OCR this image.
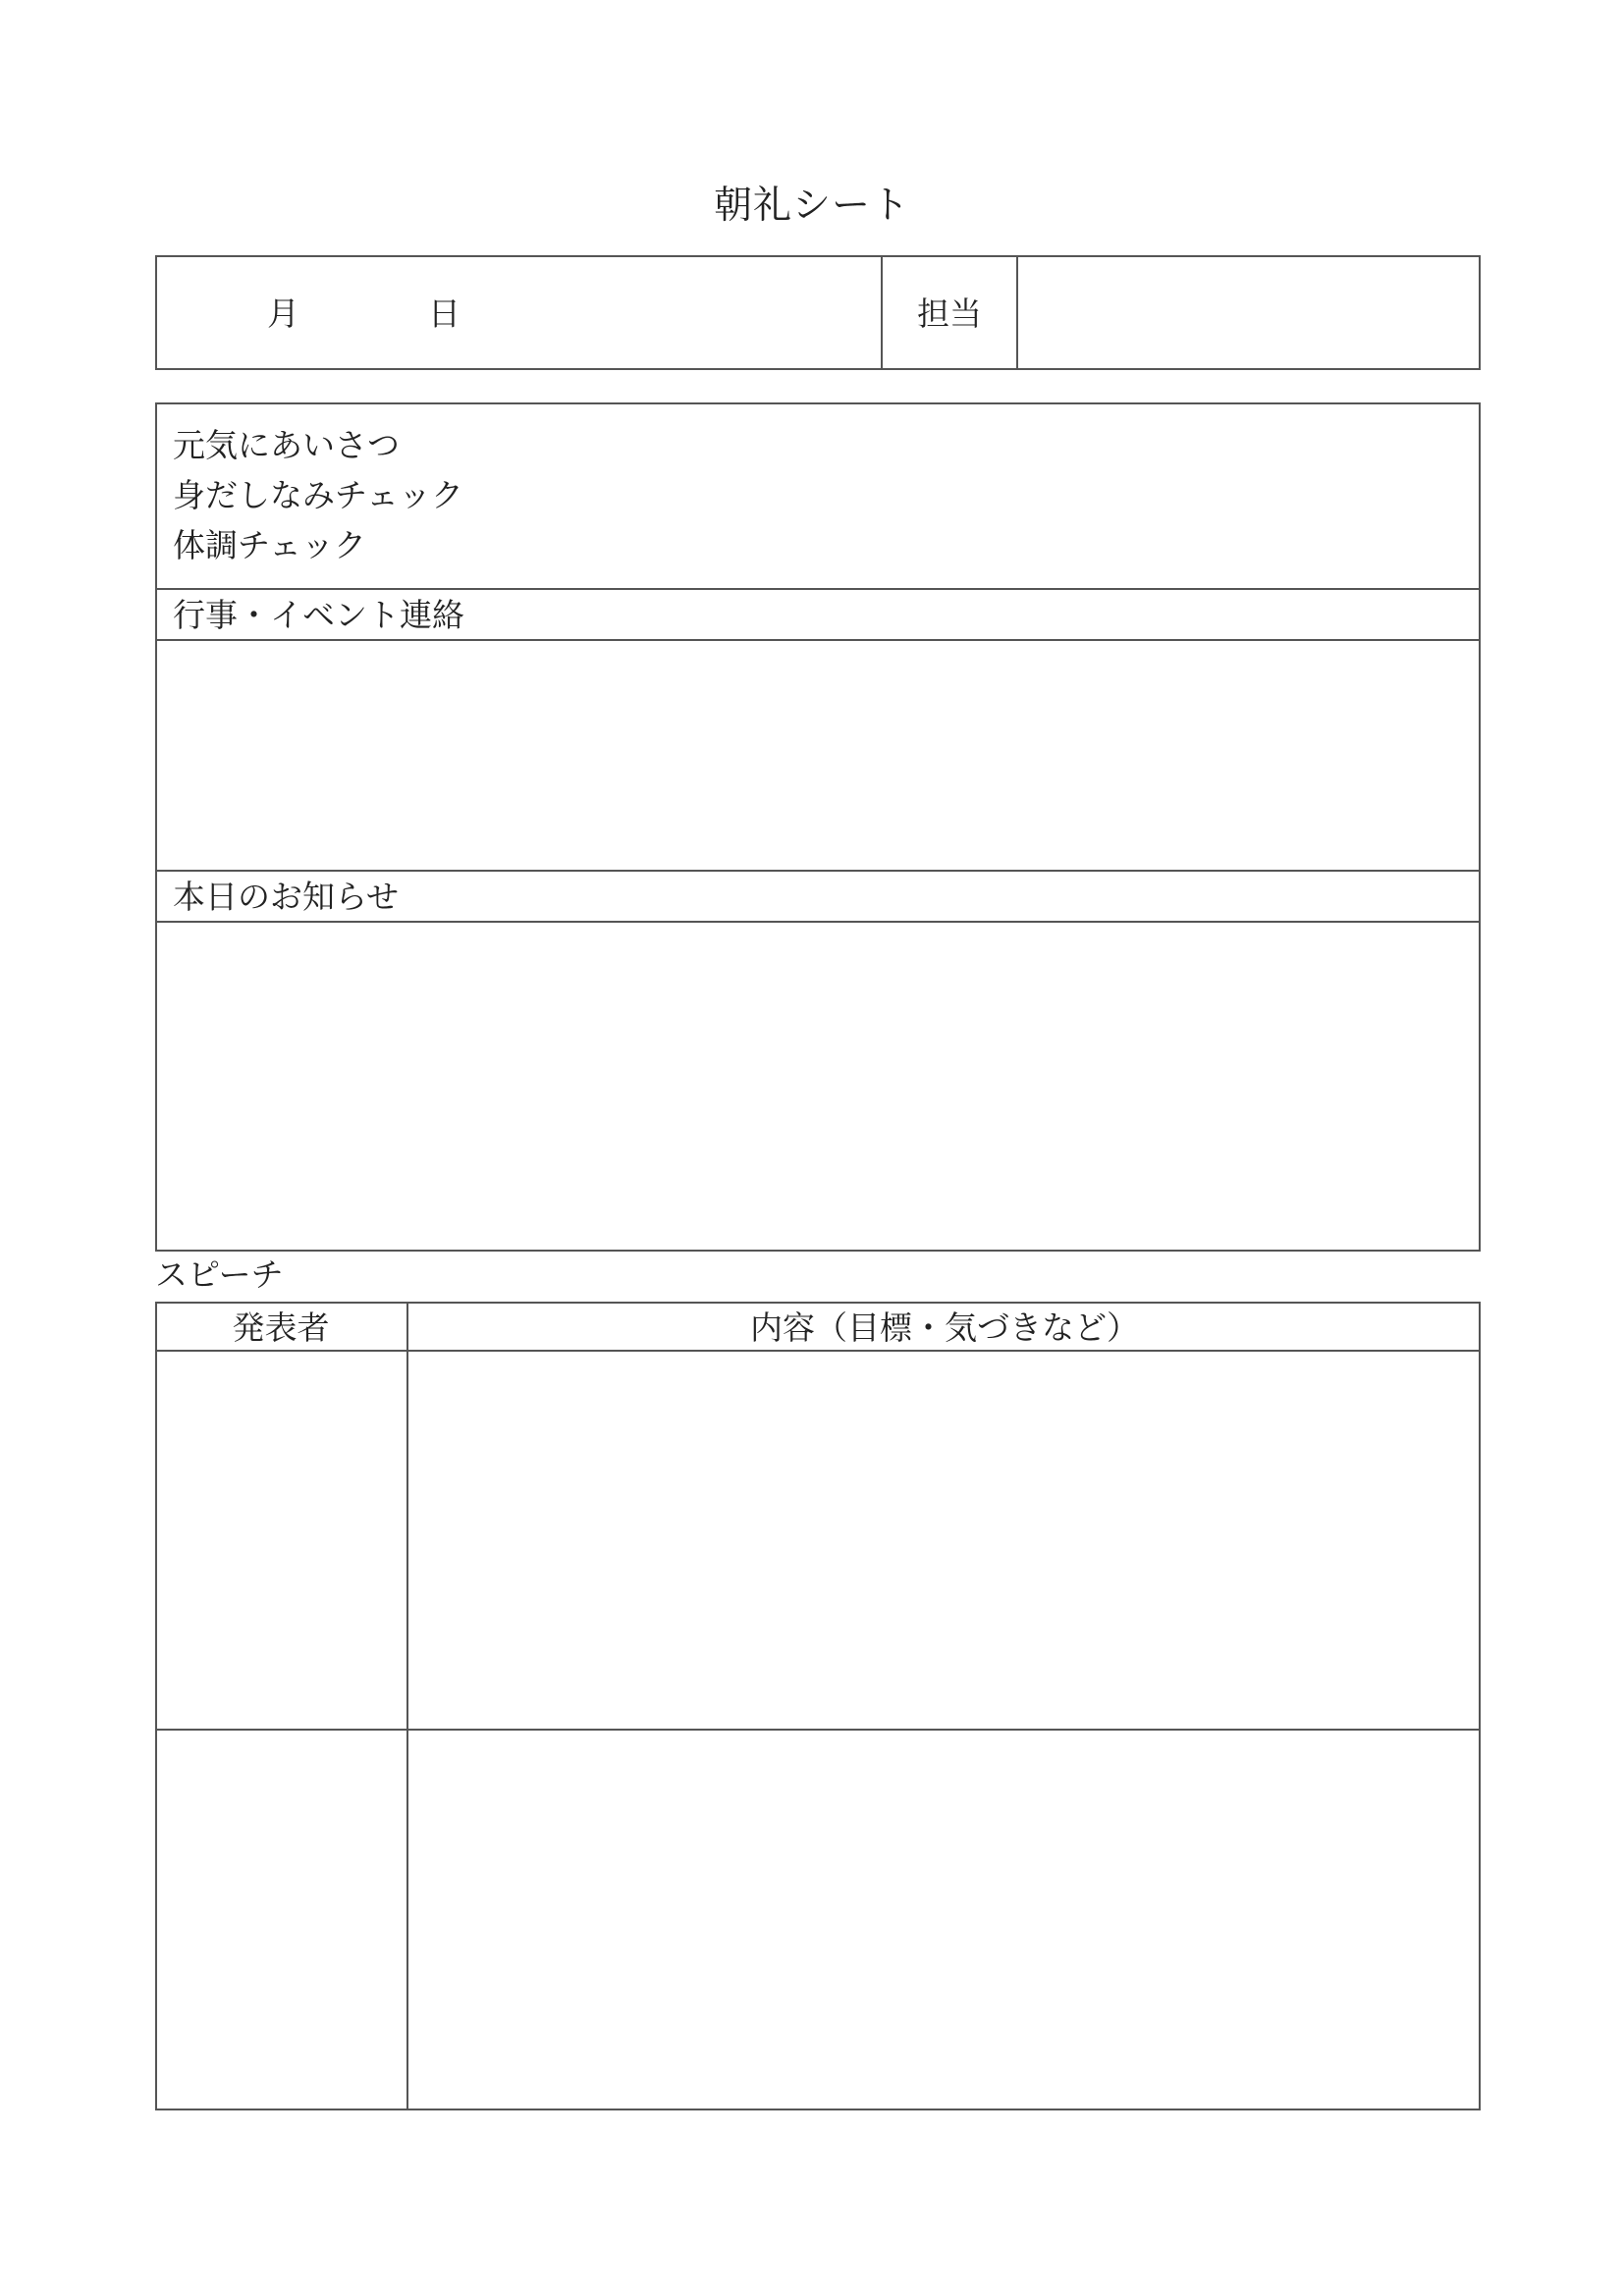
朝礼シート
月	日	担当
元気にあいさつ
身だしなみチェック
体調チェック
行事・イベント連絡
本日のお知らせ
スピーチ
発表者	内容（目標・気づきなど）
